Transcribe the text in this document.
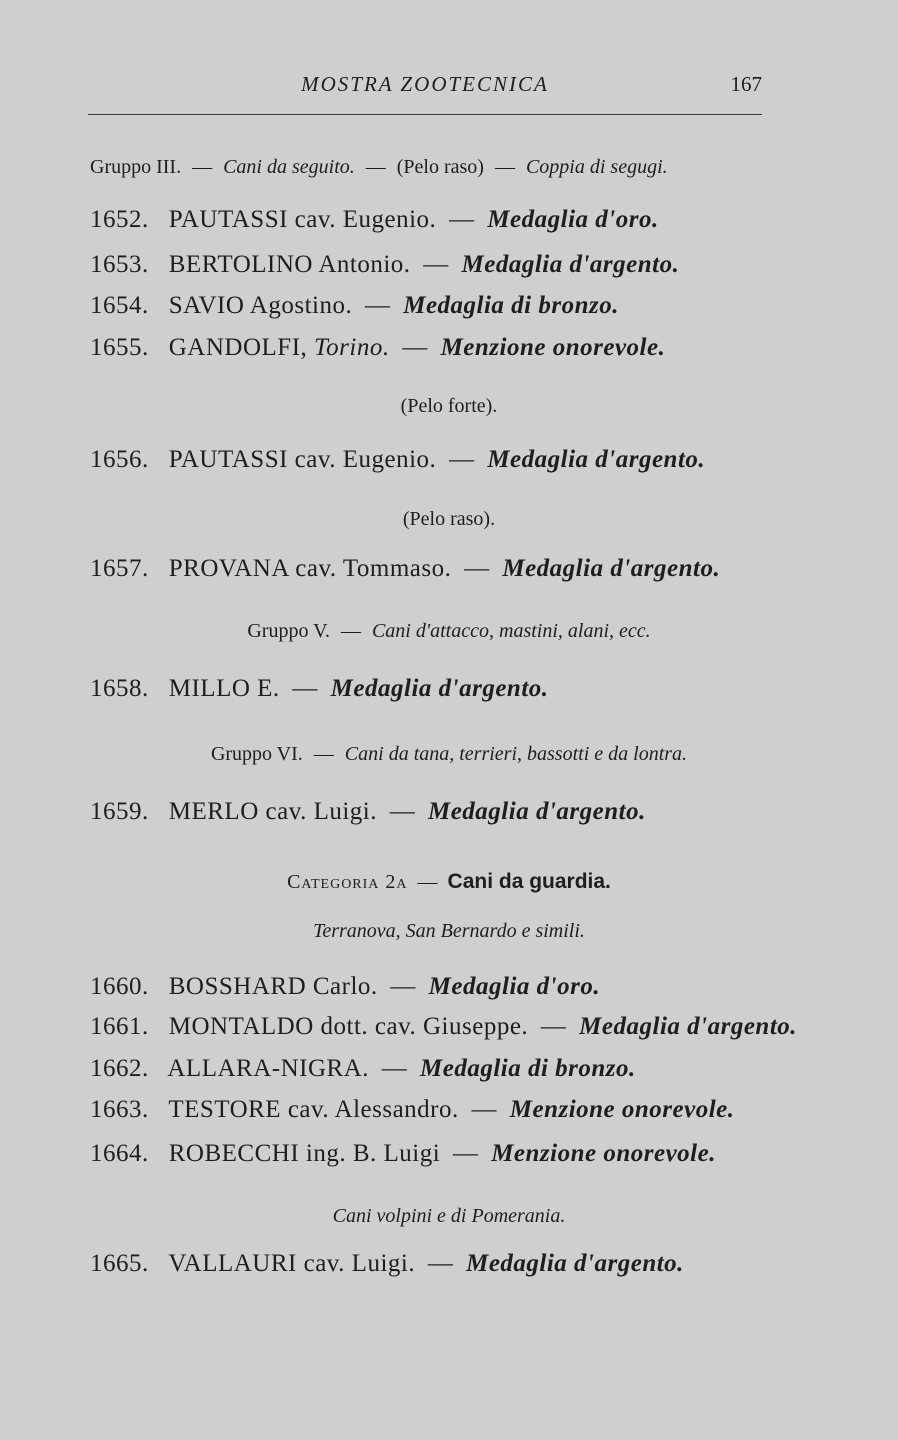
MOSTRA ZOOTECNICA	167
Gruppo III. — Cani da seguito. — (Pelo raso) — Coppia di segugi.
1652. PAUTASSI cav. Eugenio. — Medaglia d'oro.
1653. BERTOLINO Antonio. — Medaglia d'argento.
1654. SAVIO Agostino. — Medaglia di bronzo.
1655. GANDOLFI, Torino. — Menzione onorevole.
(Pelo forte).
1656. PAUTASSI cav. Eugenio. — Medaglia d'argento.
(Pelo raso).
1657. PROVANA cav. Tommaso. — Medaglia d'argento.
Gruppo V. — Cani d'attacco, mastini, alani, ecc.
1658. MILLO E. — Medaglia d'argento.
Gruppo VI. — Cani da tana, terrieri, bassotti e da lontra.
1659. MERLO cav. Luigi. — Medaglia d'argento.
Categoria 2a — Cani da guardia.
Terranova, San Bernardo e simili.
1660. BOSSHARD Carlo. — Medaglia d'oro.
1661. MONTALDO dott. cav. Giuseppe. — Medaglia d'argento.
1662. ALLARA-NIGRA. — Medaglia di bronzo.
1663. TESTORE cav. Alessandro. — Menzione onorevole.
1664. ROBECCHI ing. B. Luigi — Menzione onorevole.
Cani volpini e di Pomerania.
1665. VALLAURI cav. Luigi. — Medaglia d'argento.
